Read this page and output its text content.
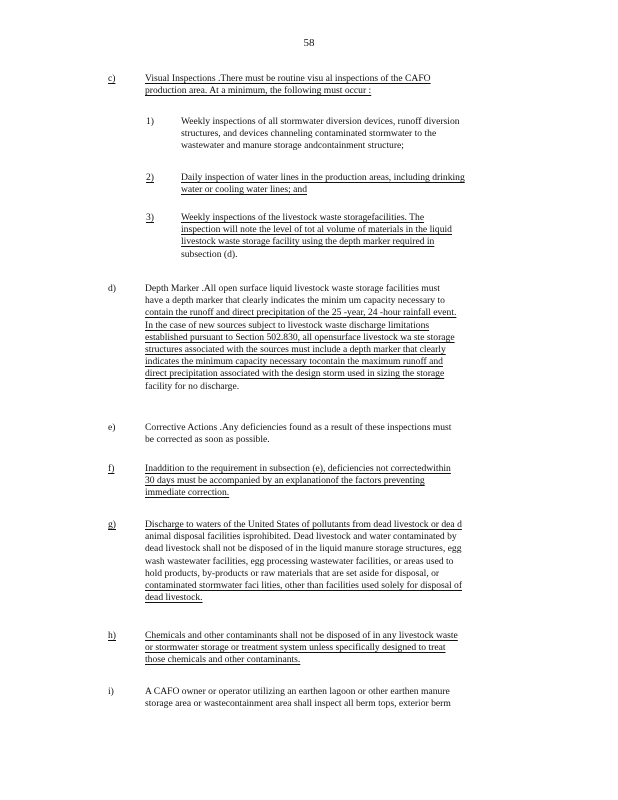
58
c)	Visual Inspections .There must be routine visu al inspections of the CAFO
production area. At a minimum, the following must occur :
1)	Weekly inspections of all stormwater diversion devices, runoff diversion
structures, and devices channeling contaminated stormwater to the
wastewater and manure storage andcontainment structure;
2)	Daily inspection of water lines in the production areas, including drinking
water or cooling water lines; and
3)	Weekly inspections of the livestock waste storagefacilities. The
inspection will note the level of tot al volume of materials in the liquid
livestock waste storage facility using the depth marker required in
subsection (d).
d)	Depth Marker .All open surface liquid livestock waste storage facilities must
have a depth marker that clearly indicates the minim um capacity necessary to
contain the runoff and direct precipitation of the 25 -year, 24 -hour rainfall event.
In the case of new sources subject to livestock waste discharge limitations
established pursuant to Section 502.830, all opensurface livestock wa ste storage
structures associated with the sources must include a depth marker that clearly
indicates the minimum capacity necessary tocontain the maximum runoff and
direct precipitation associated with the design storm used in sizing the storage
facility for no discharge.
e)	Corrective Actions .Any deficiencies found as a result of these inspections must
be corrected as soon as possible.
f)	Inaddition to the requirement in subsection (e), deficiencies not correctedwithin
30 days must be accompanied by an explanationof the factors preventing
immediate correction.
g)	Discharge to waters of the United States of pollutants from dead livestock or dea d
animal disposal facilities isprohibited. Dead livestock and water contaminated by
dead livestock shall not be disposed of in the liquid manure storage structures, egg
wash wastewater facilities, egg processing wastewater facilities, or areas used to
hold products, by-products or raw materials that are set aside for disposal, or
contaminated stormwater faci lities, other than facilities used solely for disposal of
dead livestock.
h)	Chemicals and other contaminants shall not be disposed of in any livestock waste
or stormwater storage or treatment system unless specifically designed to treat
those chemicals and other contaminants.
i)	A CAFO owner or operator utilizing an earthen lagoon or other earthen manure
storage area or wastecontainment area shall inspect all berm tops, exterior berm
